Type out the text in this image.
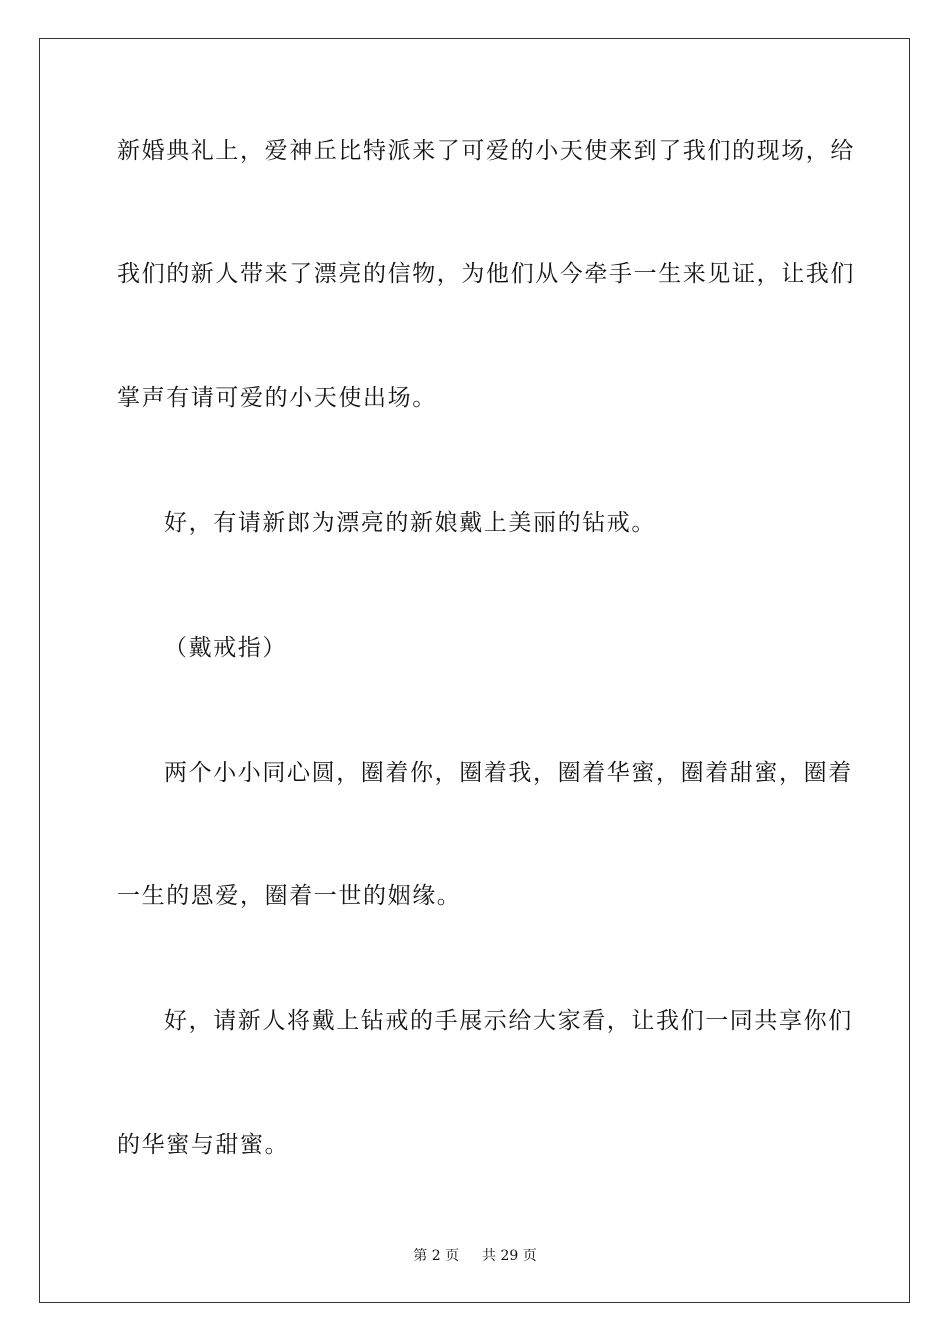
新婚典礼上，爱神丘比特派来了可爱的小天使来到了我们的现场，给
我们的新人带来了漂亮的信物，为他们从今牵手一生来见证，让我们
掌声有请可爱的小天使出场。
好，有请新郎为漂亮的新娘戴上美丽的钻戒。
（戴戒指）
两个小小同心圆，圈着你，圈着我，圈着华蜜，圈着甜蜜，圈着
一生的恩爱，圈着一世的姻缘。
好，请新人将戴上钻戒的手展示给大家看，让我们一同共享你们
的华蜜与甜蜜。
第 2 页 共 29 页
